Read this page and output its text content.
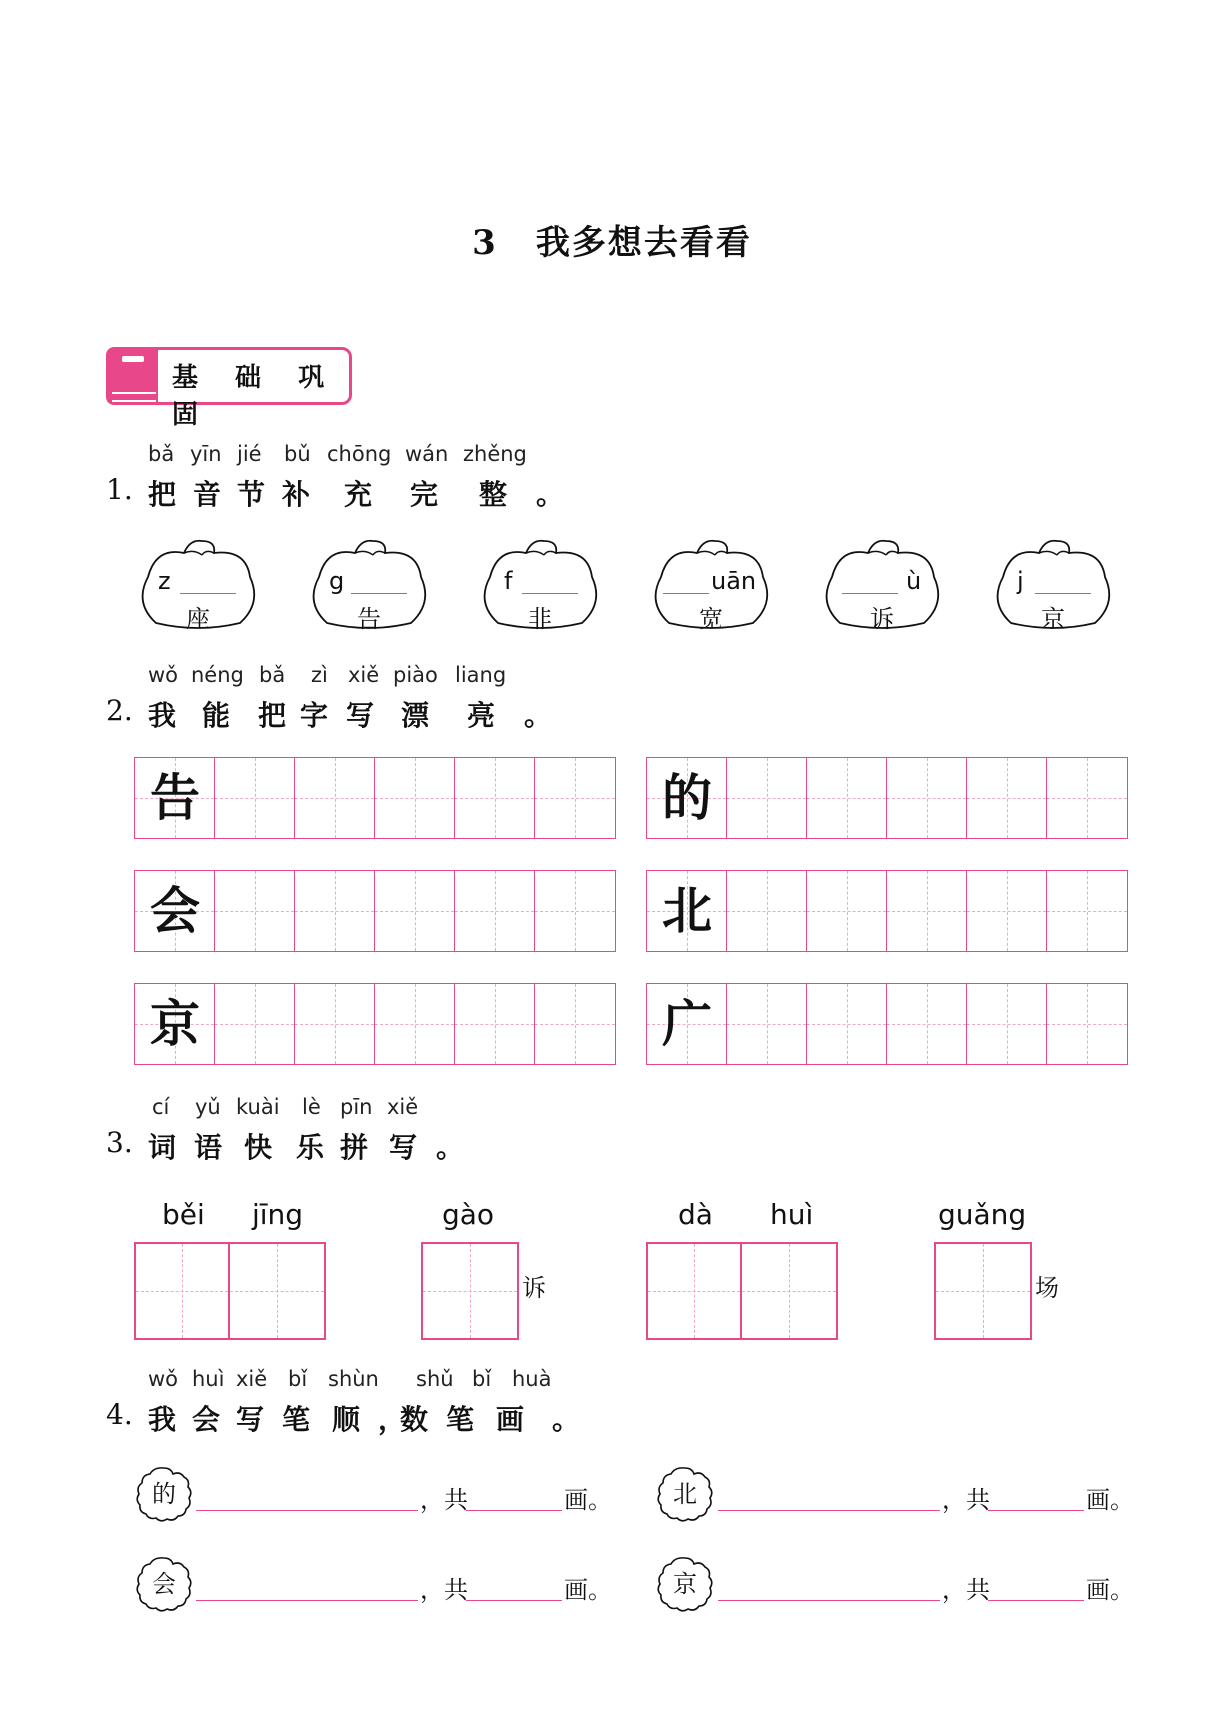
3 我多想去看看
基 础 巩 固
bǎ yīn jié bǔ chōng wán zhěng
1. 把 音 节 补 充 完 整 。
z
座
g
告
f
非
uān
宽
ù
诉
j
京
wǒ néng bǎ zì xiě piào liang
2. 我 能 把 字 写 漂 亮 。
告	的
会	北
京	广
cí yǔ kuài lè pīn xiě
3. 词 语 快 乐 拼 写 。
běi jīng	gào
诉
dà huì	guǎng
场
wǒ huì xiě bǐ shùn shǔ bǐ huà
4. 我 会 写 笔 顺 ，
数 笔 画 。
的	，共	画。	北	，共	画。
会	，共	画。	京	，共	画。
